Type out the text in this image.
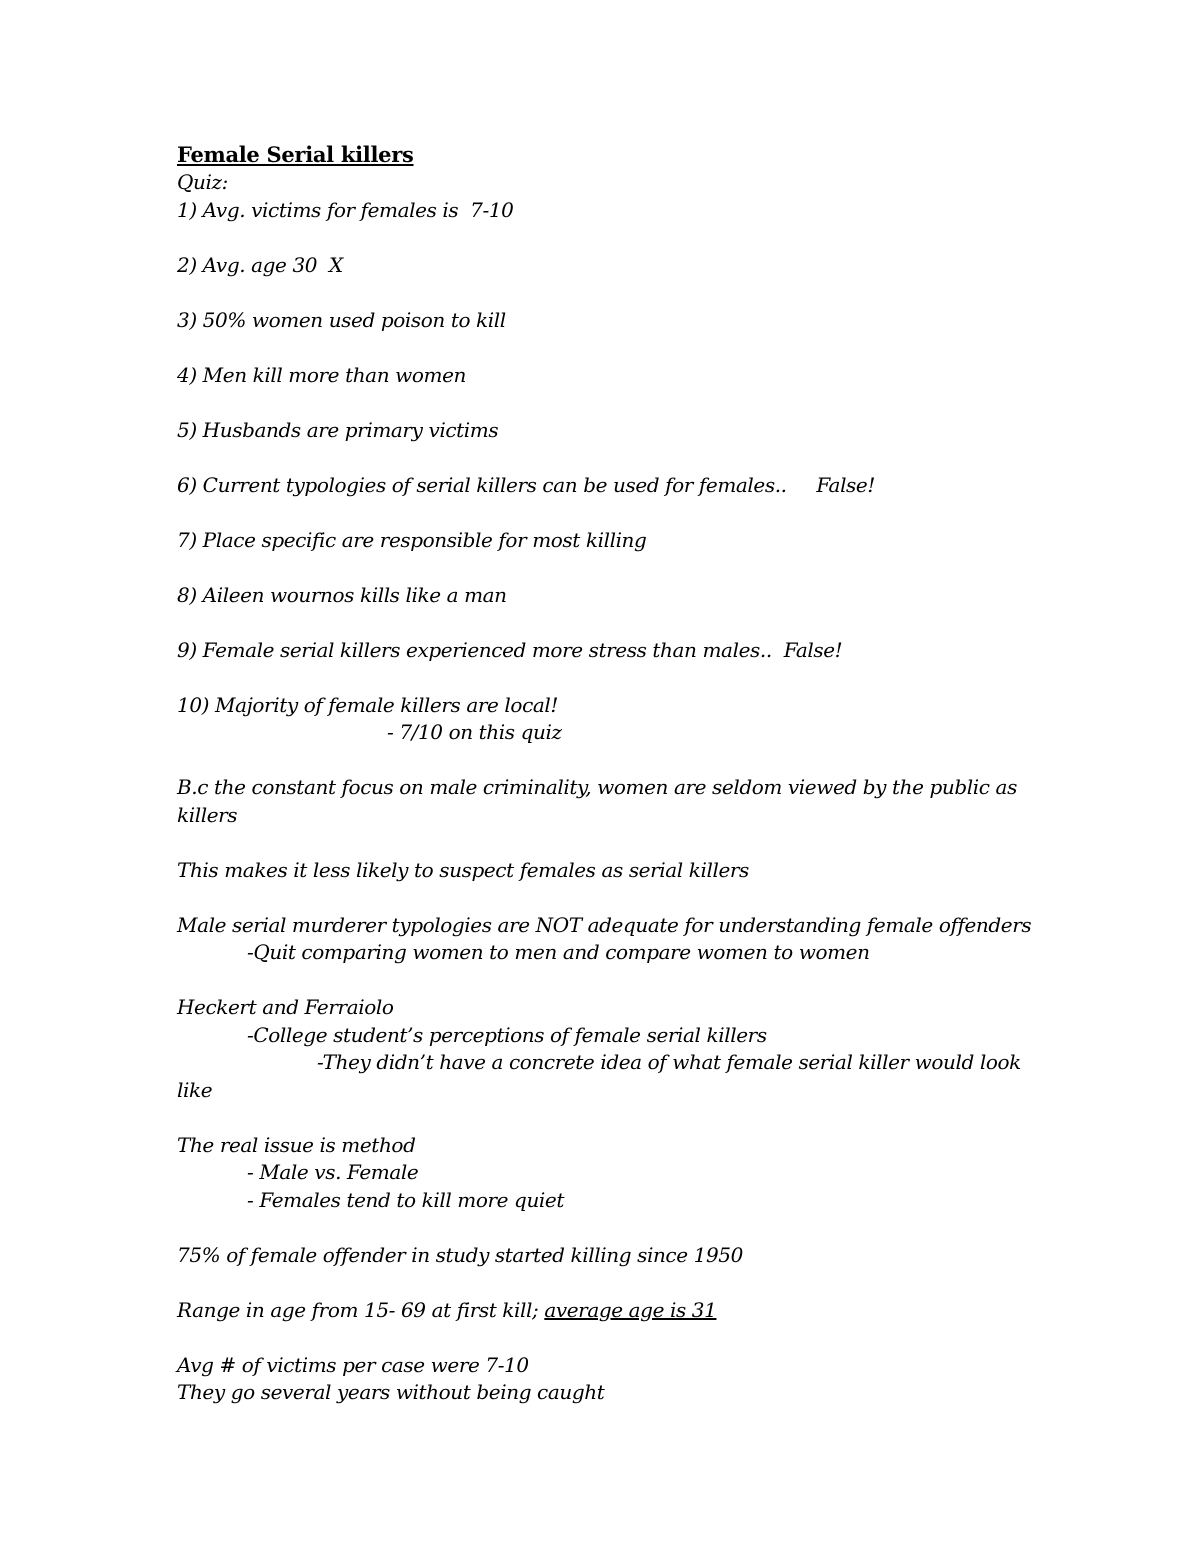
Female Serial killers
Quiz:
1) Avg. victims for females is  7-10
2) Avg. age 30  X
3) 50% women used poison to kill
4) Men kill more than women
5) Husbands are primary victims
6) Current typologies of serial killers can be used for females..     False!
7) Place specific are responsible for most killing
8) Aileen wournos kills like a man
9) Female serial killers experienced more stress than males..  False!
10) Majority of female killers are local!
- 7/10 on this quiz
B.c the constant focus on male criminality, women are seldom viewed by the public as killers
This makes it less likely to suspect females as serial killers
Male serial murderer typologies are NOT adequate for understanding female offenders
-Quit comparing women to men and compare women to women
Heckert and Ferraiolo
-College student’s perceptions of female serial killers
-They didn’t have a concrete idea of what female serial killer would look
like
The real issue is method
- Male vs. Female
- Females tend to kill more quiet
75% of female offender in study started killing since 1950
Range in age from 15- 69 at first kill; average age is 31
Avg # of victims per case were 7-10
They go several years without being caught
